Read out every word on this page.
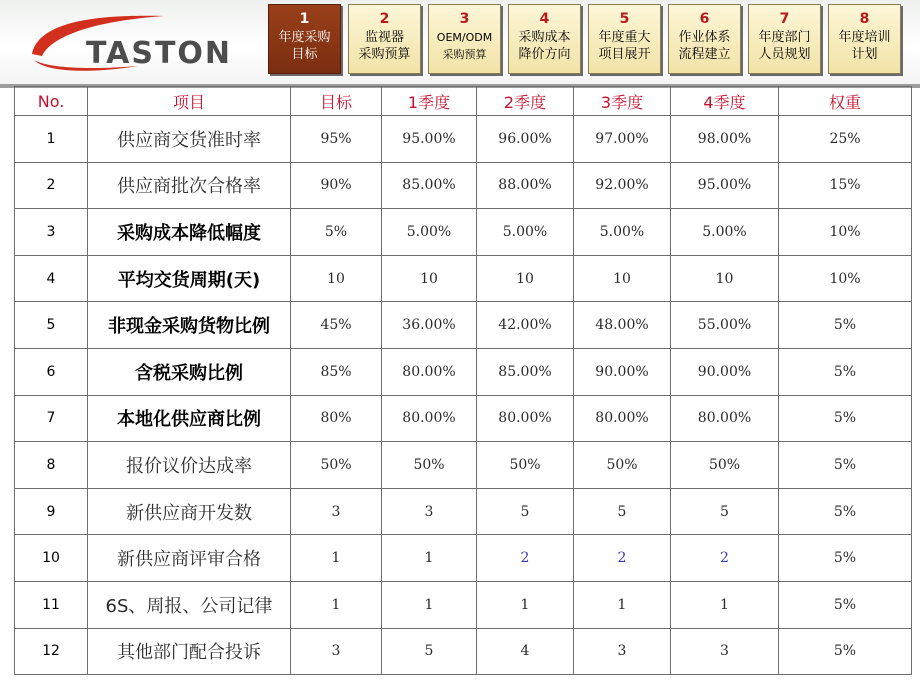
TASTON
1
年度采购
目标
2
监视器
采购预算
3
OEM/ODM
采购预算
4
采购成本
降价方向
5
年度重大
项目展开
6
作业体系
流程建立
7
年度部门
人员规划
8
年度培训
计划
No.	项目	目标	1季度	2季度	3季度	4季度	权重
1	供应商交货准时率	95%	95.00%	96.00%	97.00%	98.00%	25%
2	供应商批次合格率	90%	85.00%	88.00%	92.00%	95.00%	15%
3	采购成本降低幅度	5%	5.00%	5.00%	5.00%	5.00%	10%
4	平均交货周期(天)	10	10	10	10	10	10%
5	非现金采购货物比例	45%	36.00%	42.00%	48.00%	55.00%	5%
6	含税采购比例	85%	80.00%	85.00%	90.00%	90.00%	5%
7	本地化供应商比例	80%	80.00%	80.00%	80.00%	80.00%	5%
8	报价议价达成率	50%	50%	50%	50%	50%	5%
9	新供应商开发数	3	3	5	5	5	5%
10	新供应商评审合格	1	1	2	2	2	5%
11	6S、周报、公司记律	1	1	1	1	1	5%
12	其他部门配合投诉	3	5	4	3	3	5%
